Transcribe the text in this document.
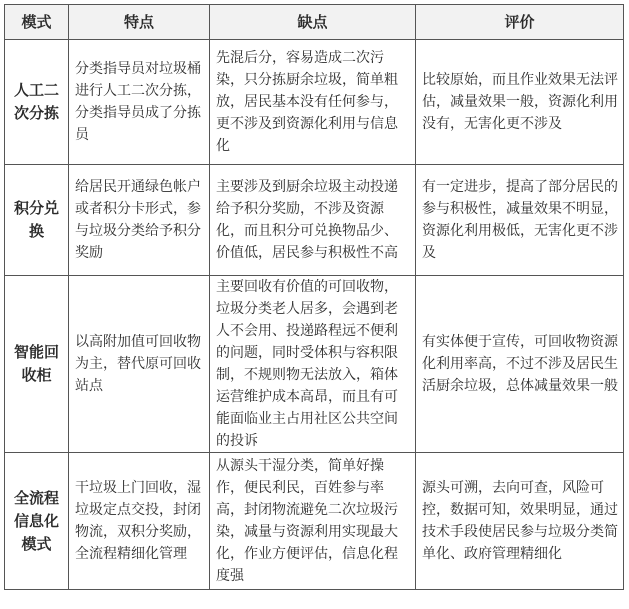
模式	特点	缺点	评价
人工二次分拣	分类指导员对垃圾桶进行人工二次分拣，分类指导员成了分拣员	先混后分，容易造成二次污染，只分拣厨余垃圾，简单粗放，居民基本没有任何参与，更不涉及到资源化利用与信息化	比较原始，而且作业效果无法评估，减量效果一般，资源化利用没有，无害化更不涉及
积分兑换	给居民开通绿色帐户或者积分卡形式，参与垃圾分类给予积分奖励	主要涉及到厨余垃圾主动投递给予积分奖励，不涉及资源化，而且积分可兑换物品少、价值低，居民参与积极性不高	有一定进步，提高了部分居民的参与积极性，减量效果不明显，资源化利用极低，无害化更不涉及
智能回收柜	以高附加值可回收物为主，替代原可回收站点	主要回收有价值的可回收物，垃圾分类老人居多，会遇到老人不会用、投递路程远不便利的问题，同时受体积与容积限制，不规则物无法放入，箱体运营维护成本高昂，而且有可能面临业主占用社区公共空间的投诉	有实体便于宣传，可回收物资源化利用率高，不过不涉及居民生活厨余垃圾，总体减量效果一般
全流程信息化模式	干垃圾上门回收，湿垃圾定点交投，封闭物流，双积分奖励，全流程精细化管理	从源头干湿分类，简单好操作，便民利民，百姓参与率高，封闭物流避免二次垃圾污染，减量与资源利用实现最大化，作业方便评估，信息化程度强	源头可溯，去向可查，风险可控，数据可知，效果明显，通过技术手段使居民参与垃圾分类简单化、政府管理精细化
